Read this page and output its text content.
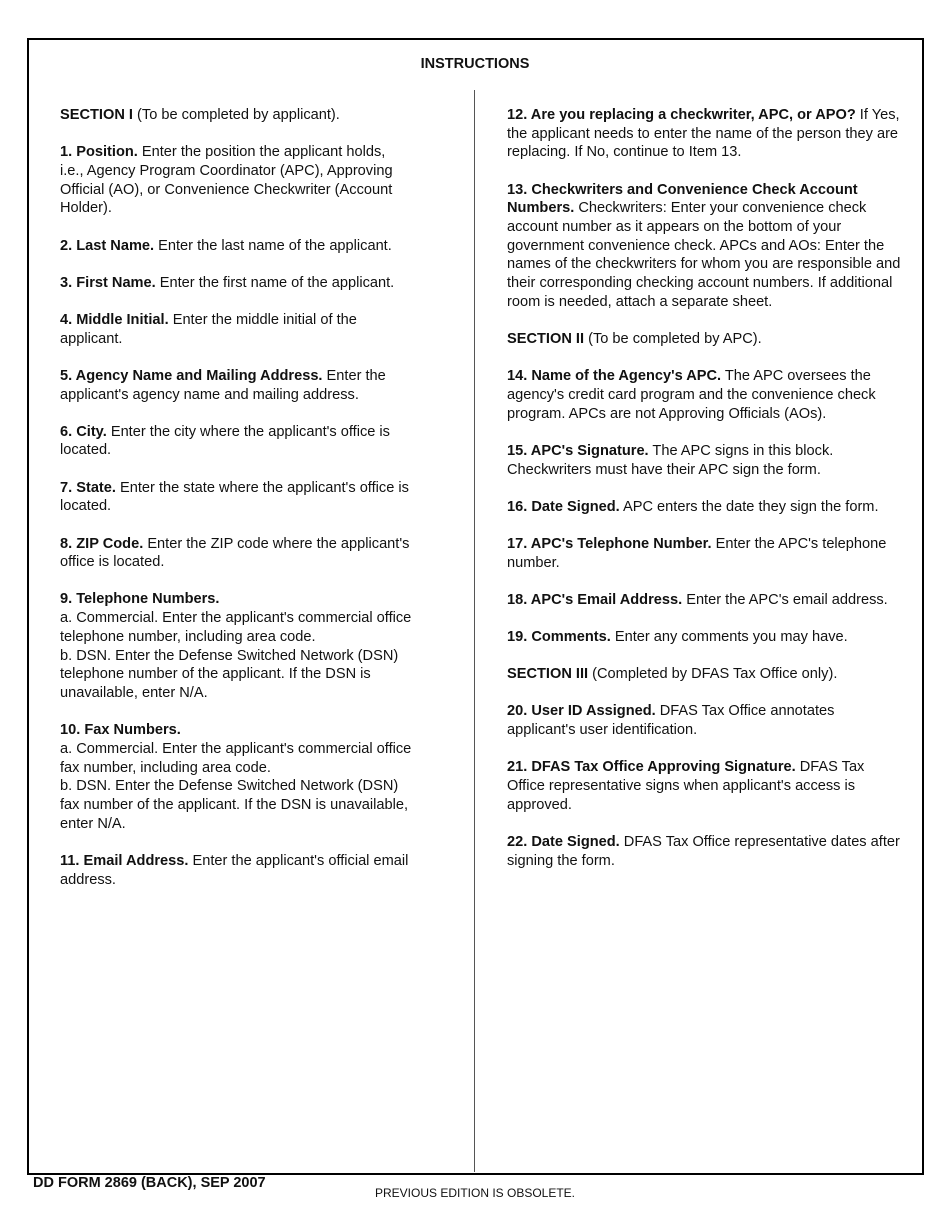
INSTRUCTIONS

SECTION I (To be completed by applicant).

1. Position. Enter the position the applicant holds, i.e., Agency Program Coordinator (APC), Approving Official (AO), or Convenience Checkwriter (Account Holder).

2. Last Name. Enter the last name of the applicant.

3. First Name. Enter the first name of the applicant.

4. Middle Initial. Enter the middle initial of the applicant.

5. Agency Name and Mailing Address. Enter the applicant's agency name and mailing address.

6. City. Enter the city where the applicant's office is located.

7. State. Enter the state where the applicant's office is located.

8. ZIP Code. Enter the ZIP code where the applicant's office is located.

9. Telephone Numbers.
a. Commercial. Enter the applicant's commercial office telephone number, including area code.
b. DSN. Enter the Defense Switched Network (DSN) telephone number of the applicant. If the DSN is unavailable, enter N/A.

10. Fax Numbers.
a. Commercial. Enter the applicant's commercial office fax number, including area code.
b. DSN. Enter the Defense Switched Network (DSN) fax number of the applicant. If the DSN is unavailable, enter N/A.

11. Email Address. Enter the applicant's official email address.

12. Are you replacing a checkwriter, APC, or APO? If Yes, the applicant needs to enter the name of the person they are replacing. If No, continue to Item 13.

13. Checkwriters and Convenience Check Account Numbers. Checkwriters: Enter your convenience check account number as it appears on the bottom of your government convenience check. APCs and AOs: Enter the names of the checkwriters for whom you are responsible and their corresponding checking account numbers. If additional room is needed, attach a separate sheet.

SECTION II (To be completed by APC).

14. Name of the Agency's APC. The APC oversees the agency's credit card program and the convenience check program. APCs are not Approving Officials (AOs).

15. APC's Signature. The APC signs in this block. Checkwriters must have their APC sign the form.

16. Date Signed. APC enters the date they sign the form.

17. APC's Telephone Number. Enter the APC's telephone number.

18. APC's Email Address. Enter the APC's email address.

19. Comments. Enter any comments you may have.

SECTION III (Completed by DFAS Tax Office only).

20. User ID Assigned. DFAS Tax Office annotates applicant's user identification.

21. DFAS Tax Office Approving Signature. DFAS Tax Office representative signs when applicant's access is approved.

22. Date Signed. DFAS Tax Office representative dates after signing the form.

DD FORM 2869 (BACK), SEP 2007
PREVIOUS EDITION IS OBSOLETE.
